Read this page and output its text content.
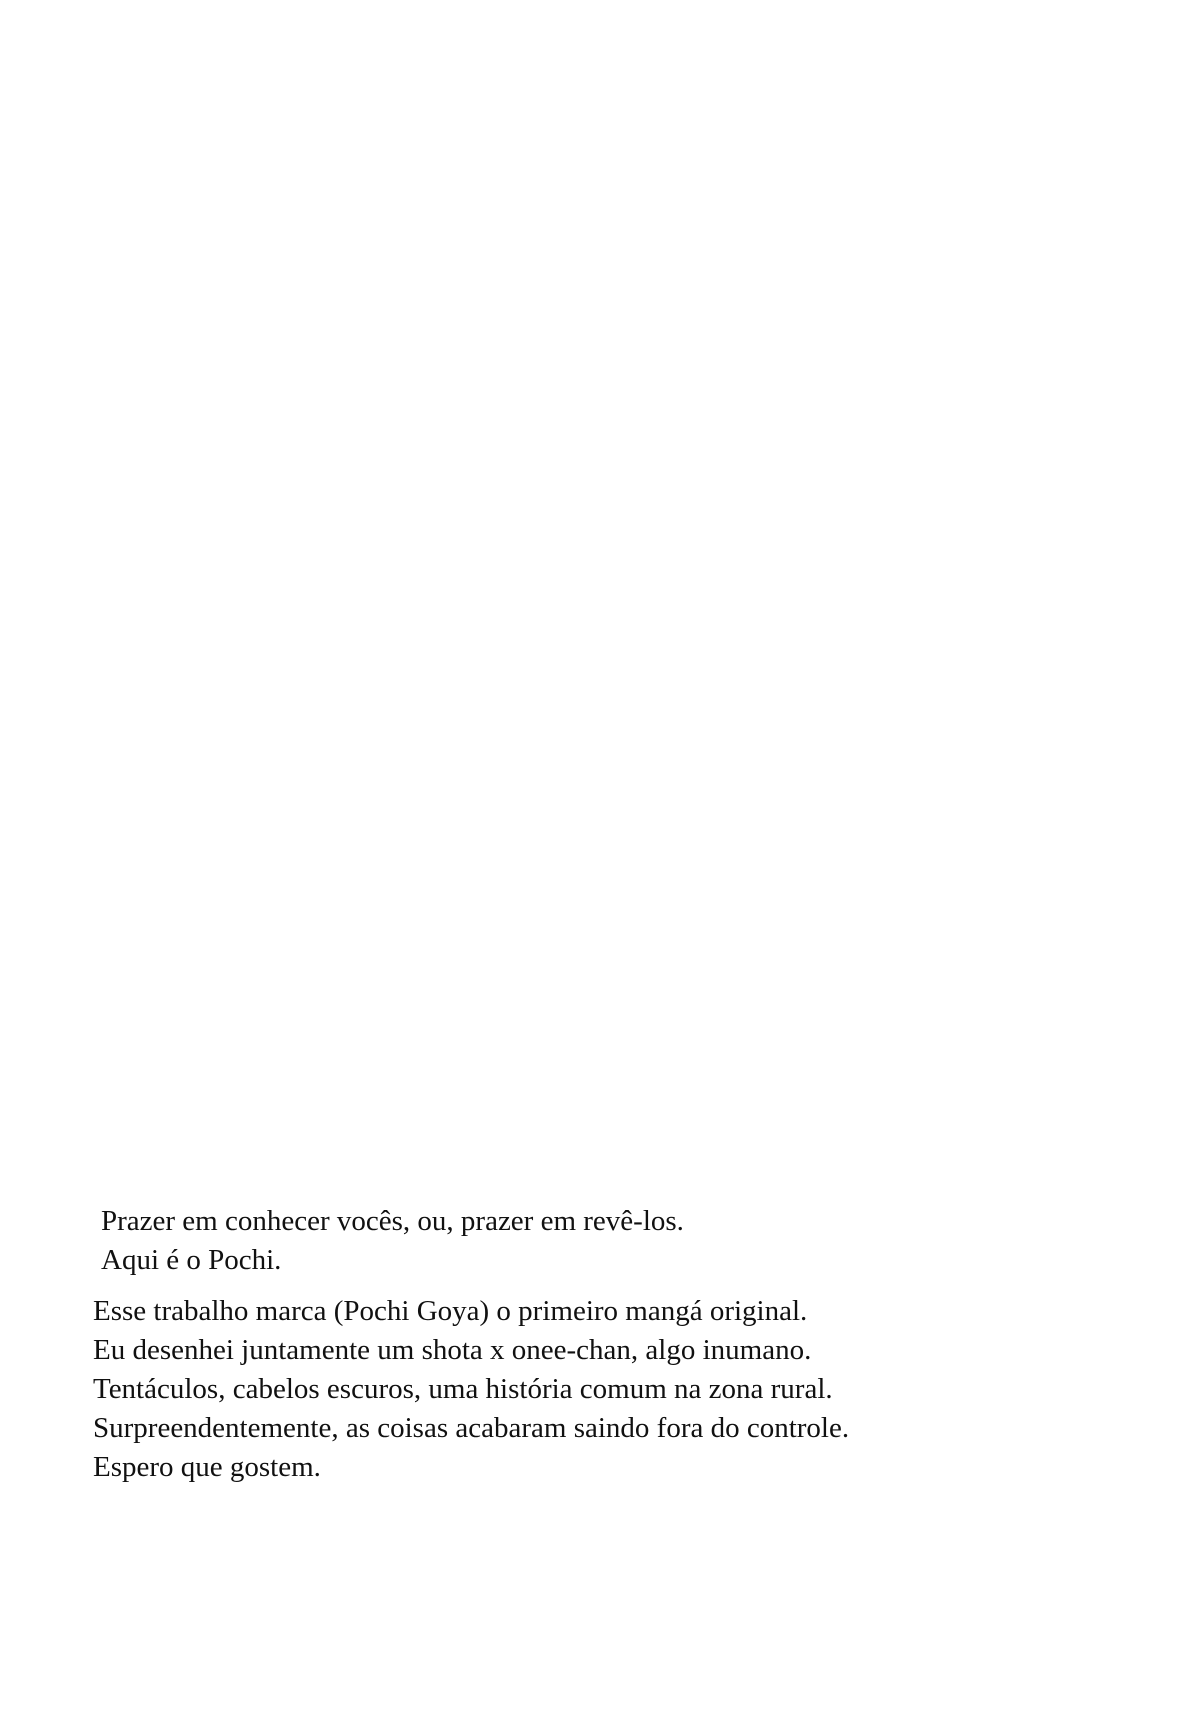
Prazer em conhecer vocês, ou, prazer em revê-los.
Aqui é o Pochi.
Esse trabalho marca (Pochi Goya) o primeiro mangá original.
Eu desenhei juntamente um shota x onee-chan, algo inumano.
Tentáculos, cabelos escuros, uma história comum na zona rural.
Surpreendentemente, as coisas acabaram saindo fora do controle.
Espero que gostem.
